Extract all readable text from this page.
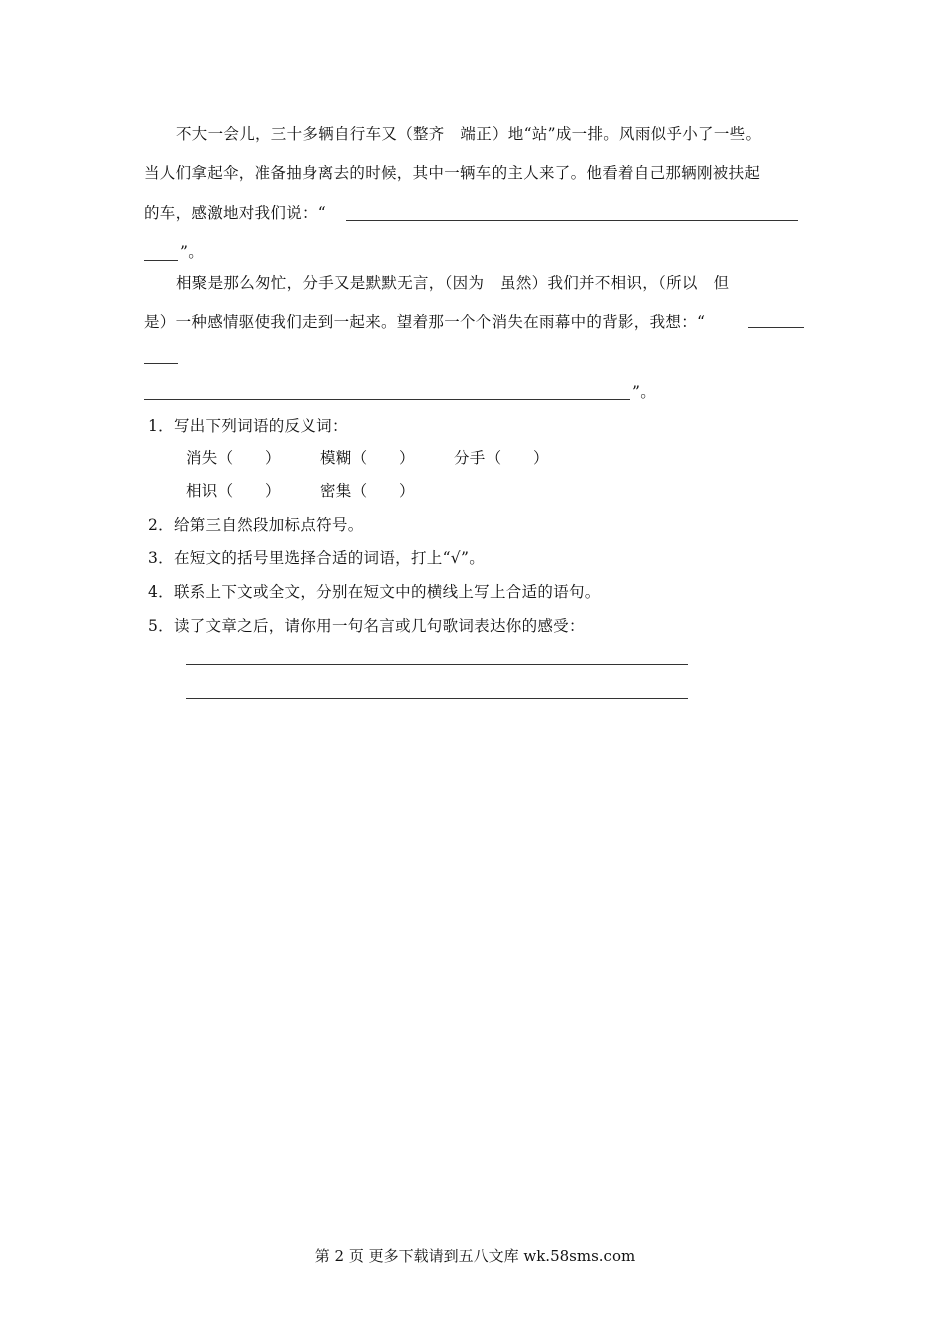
不大一会儿，三十多辆自行车又（整齐　端正）地“站”成一排。风雨似乎小了一些。
当人们拿起伞，准备抽身离去的时候，其中一辆车的主人来了。他看着自己那辆刚被扶起
的车，感激地对我们说：“
”。
相聚是那么匆忙，分手又是默默无言，（因为　虽然）我们并不相识，（所以　但
是）一种感情驱使我们走到一起来。望着那一个个消失在雨幕中的背影，我想：“
”。
1．写出下列词语的反义词：
消失（　　）	模糊（　　）	分手（　　）
相识（　　）	密集（　　）
2．给第三自然段加标点符号。
3．在短文的括号里选择合适的词语，打上“√”。
4．联系上下文或全文，分别在短文中的横线上写上合适的语句。
5．读了文章之后，请你用一句名言或几句歌词表达你的感受：
第 2 页 更多下载请到五八文库 wk.58sms.com
